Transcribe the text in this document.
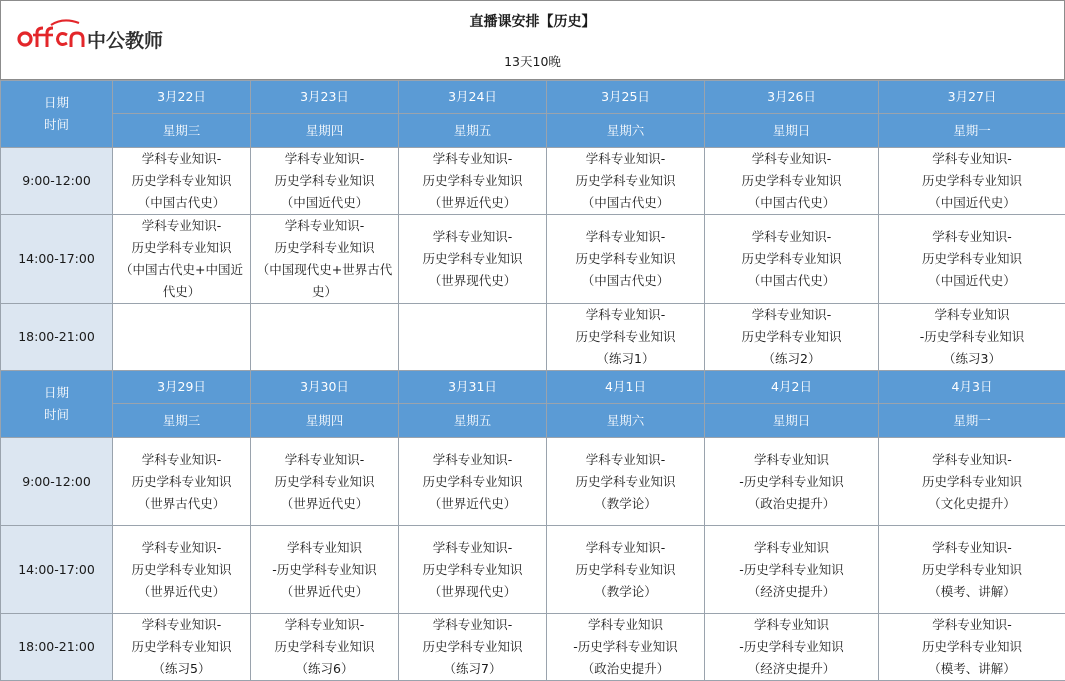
中公教师
直播课安排【历史】
13天10晚
日期
时间	3月22日	3月23日	3月24日	3月25日	3月26日	3月27日
	星期三	星期四	星期五	星期六	星期日	星期一
9:00-12:00	学科专业知识-
历史学科专业知识
（中国古代史）	学科专业知识-
历史学科专业知识
（中国近代史）	学科专业知识-
历史学科专业知识
（世界近代史）	学科专业知识-
历史学科专业知识
（中国古代史）	学科专业知识-
历史学科专业知识
（中国古代史）	学科专业知识-
历史学科专业知识
（中国近代史）

14:00-17:00	学科专业知识-
历史学科专业知识
（中国古代史+中国近
代史）	学科专业知识-
历史学科专业知识
（中国现代史+世界古代
史）	学科专业知识-
历史学科专业知识
（世界现代史）	学科专业知识-
历史学科专业知识
（中国古代史）	学科专业知识-
历史学科专业知识
（中国古代史）	学科专业知识-
历史学科专业知识
（中国近代史）

18:00-21:00				学科专业知识-
历史学科专业知识
（练习1）	学科专业知识-
历史学科专业知识
（练习2）	学科专业知识
-历史学科专业知识
（练习3）

日期
时间	3月29日	3月30日	3月31日	4月1日	4月2日	4月3日
	星期三	星期四	星期五	星期六	星期日	星期一
9:00-12:00	学科专业知识-
历史学科专业知识
（世界古代史）	学科专业知识-
历史学科专业知识
（世界近代史）	学科专业知识-
历史学科专业知识
（世界近代史）	学科专业知识-
历史学科专业知识
（教学论）	学科专业知识
-历史学科专业知识
（政治史提升）	学科专业知识-
历史学科专业知识
（文化史提升）

14:00-17:00	学科专业知识-
历史学科专业知识
（世界近代史）	学科专业知识
-历史学科专业知识
（世界近代史）	学科专业知识-
历史学科专业知识
（世界现代史）	学科专业知识-
历史学科专业知识
（教学论）	学科专业知识
-历史学科专业知识
（经济史提升）	学科专业知识-
历史学科专业知识
（模考、讲解）

18:00-21:00	学科专业知识-
历史学科专业知识
（练习5）	学科专业知识-
历史学科专业知识
（练习6）	学科专业知识-
历史学科专业知识
（练习7）	学科专业知识
-历史学科专业知识
（政治史提升）	学科专业知识
-历史学科专业知识
（经济史提升）	学科专业知识-
历史学科专业知识
（模考、讲解）
